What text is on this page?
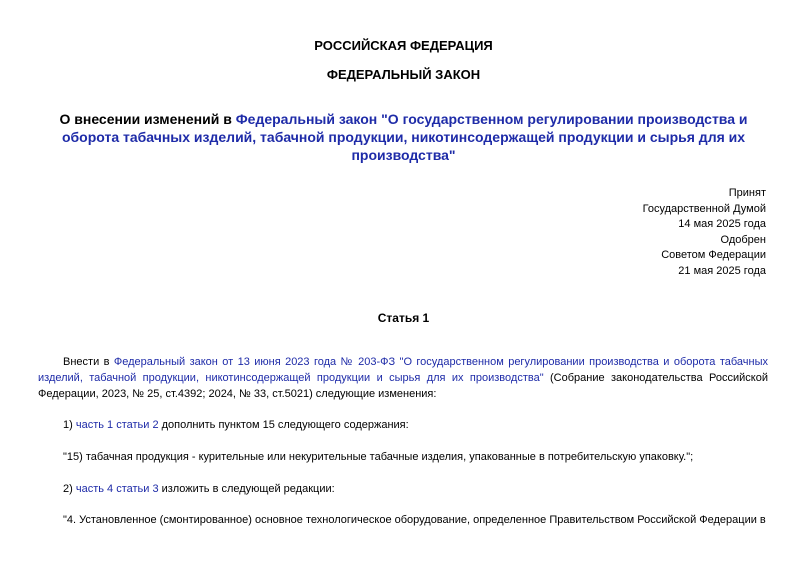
РОССИЙСКАЯ ФЕДЕРАЦИЯ
ФЕДЕРАЛЬНЫЙ ЗАКОН
О внесении изменений в Федеральный закон "О государственном регулировании производства и оборота табачных изделий, табачной продукции, никотинсодержащей продукции и сырья для их производства"
Принят
Государственной Думой
14 мая 2025 года
Одобрен
Советом Федерации
21 мая 2025 года
Статья 1
Внести в Федеральный закон от 13 июня 2023 года № 203-ФЗ "О государственном регулировании производства и оборота табачных изделий, табачной продукции, никотинсодержащей продукции и сырья для их производства" (Собрание законодательства Российской Федерации, 2023, № 25, ст.4392; 2024, № 33, ст.5021) следующие изменения:
1) часть 1 статьи 2 дополнить пунктом 15 следующего содержания:
"15) табачная продукция - курительные или некурительные табачные изделия, упакованные в потребительскую упаковку.";
2) часть 4 статьи 3 изложить в следующей редакции:
"4. Установленное (смонтированное) основное технологическое оборудование, определенное Правительством Российской Федерации в
